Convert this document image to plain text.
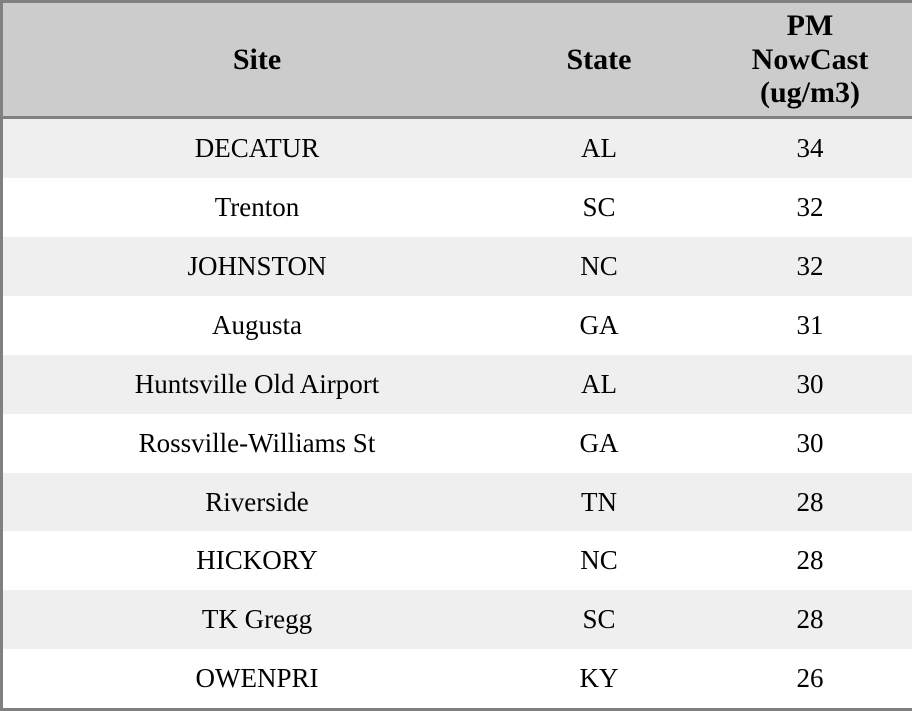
Site	State	PM
NowCast
(ug/m3)

DECATUR	AL	34
Trenton	SC	32
JOHNSTON	NC	32
Augusta	GA	31
Huntsville Old Airport	AL	30
Rossville-Williams St	GA	30
Riverside	TN	28
HICKORY	NC	28
TK Gregg	SC	28
OWENPRI	KY	26
